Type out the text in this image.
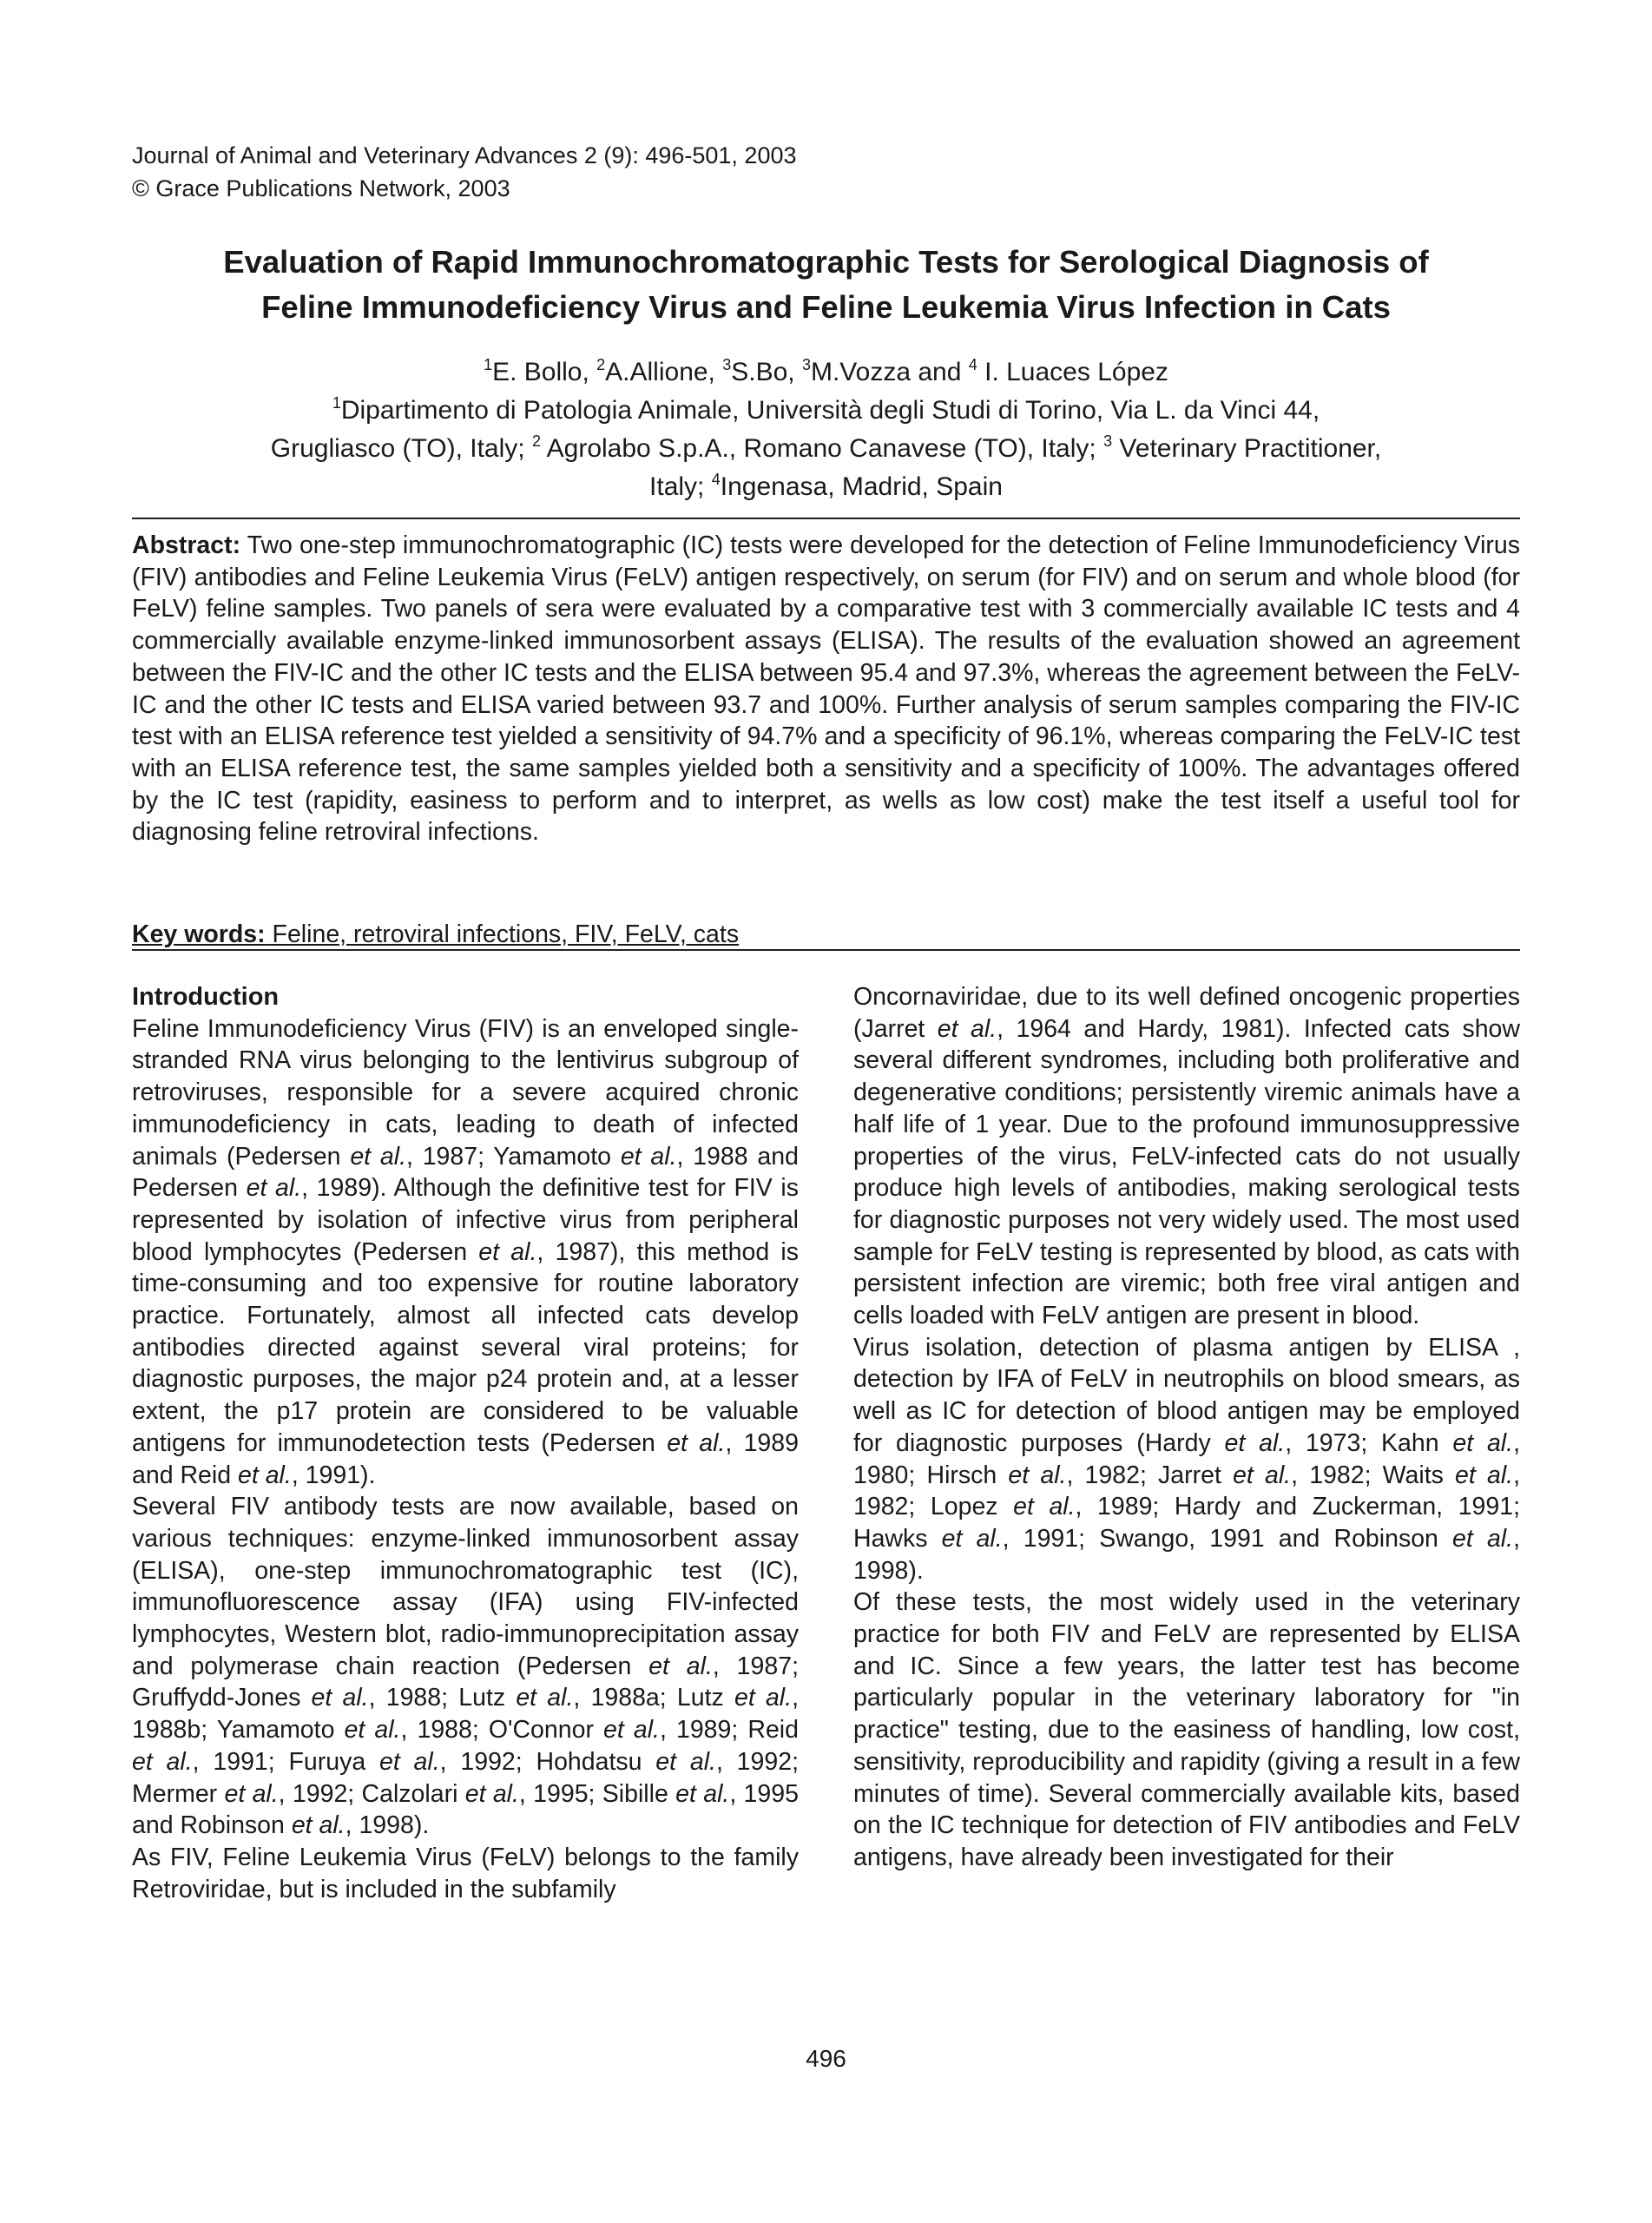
Journal of Animal and Veterinary Advances 2 (9): 496-501, 2003
© Grace Publications Network, 2003
Evaluation of Rapid Immunochromatographic Tests for Serological Diagnosis of
Feline Immunodeficiency Virus and Feline Leukemia Virus Infection in Cats
$^1$E. Bollo, $^2$A.Allione, $^3$S.Bo, $^3$M.Vozza and $^4$ I. Luaces López
$^1$Dipartimento di Patologia Animale, Università degli Studi di Torino, Via L. da Vinci 44,
Grugliasco (TO), Italy; $^2$ Agrolabo S.p.A., Romano Canavese (TO), Italy; $^3$ Veterinary Practitioner,
Italy; $^4$Ingenasa, Madrid, Spain
Abstract: Two one-step immunochromatographic (IC) tests were developed for the detection of Feline Immunodeficiency Virus (FIV) antibodies and Feline Leukemia Virus (FeLV) antigen respectively, on serum (for FIV) and on serum and whole blood (for FeLV) feline samples. Two panels of sera were evaluated by a comparative test with 3 commercially available IC tests and 4 commercially available enzyme-linked immunosorbent assays (ELISA). The results of the evaluation showed an agreement between the FIV-IC and the other IC tests and the ELISA between 95.4 and 97.3%, whereas the agreement between the FeLV-IC and the other IC tests and ELISA varied between 93.7 and 100%. Further analysis of serum samples comparing the FIV-IC test with an ELISA reference test yielded a sensitivity of 94.7% and a specificity of 96.1%, whereas comparing the FeLV-IC test with an ELISA reference test, the same samples yielded both a sensitivity and a specificity of 100%. The advantages offered by the IC test (rapidity, easiness to perform and to interpret, as wells as low cost) make the test itself a useful tool for diagnosing feline retroviral infections.
Key words: Feline, retroviral infections, FIV, FeLV, cats

Introduction

Feline Immunodeficiency Virus (FIV) is an enveloped single-stranded RNA virus belonging to the lentivirus subgroup of retroviruses, responsible for a severe acquired chronic immunodeficiency in cats, leading to death of infected animals (Pedersen et al., 1987; Yamamoto et al., 1988 and Pedersen et al., 1989). Although the definitive test for FIV is represented by isolation of infective virus from peripheral blood lymphocytes (Pedersen et al., 1987), this method is time-consuming and too expensive for routine laboratory practice. Fortunately, almost all infected cats develop antibodies directed against several viral proteins; for diagnostic purposes, the major p24 protein and, at a lesser extent, the p17 protein are considered to be valuable antigens for immunodetection tests (Pedersen et al., 1989 and Reid et al., 1991).

Several FIV antibody tests are now available, based on various techniques: enzyme-linked immunosorbent assay (ELISA), one-step immunochromatographic test (IC), immunofluorescence assay (IFA) using FIV-infected lymphocytes, Western blot, radio-immunoprecipitation assay and polymerase chain reaction (Pedersen et al., 1987; Gruffydd-Jones et al., 1988; Lutz et al., 1988a; Lutz et al., 1988b; Yamamoto et al., 1988; O'Connor et al., 1989; Reid et al., 1991; Furuya et al., 1992; Hohdatsu et al., 1992; Mermer et al., 1992; Calzolari et al., 1995; Sibille et al., 1995 and Robinson et al., 1998).

As FIV, Feline Leukemia Virus (FeLV) belongs to the family Retroviridae, but is included in the subfamily

Oncornaviridae, due to its well defined oncogenic properties (Jarret et al., 1964 and Hardy, 1981). Infected cats show several different syndromes, including both proliferative and degenerative conditions; persistently viremic animals have a half life of 1 year. Due to the profound immunosuppressive properties of the virus, FeLV-infected cats do not usually produce high levels of antibodies, making serological tests for diagnostic purposes not very widely used. The most used sample for FeLV testing is represented by blood, as cats with persistent infection are viremic; both free viral antigen and cells loaded with FeLV antigen are present in blood.

Virus isolation, detection of plasma antigen by ELISA , detection by IFA of FeLV in neutrophils on blood smears, as well as IC for detection of blood antigen may be employed for diagnostic purposes (Hardy et al., 1973; Kahn et al., 1980; Hirsch et al., 1982; Jarret et al., 1982; Waits et al., 1982; Lopez et al., 1989; Hardy and Zuckerman, 1991; Hawks et al., 1991; Swango, 1991 and Robinson et al., 1998).

Of these tests, the most widely used in the veterinary practice for both FIV and FeLV are represented by ELISA and IC. Since a few years, the latter test has become particularly popular in the veterinary laboratory for "in practice" testing, due to the easiness of handling, low cost, sensitivity, reproducibility and rapidity (giving a result in a few minutes of time). Several commercially available kits, based on the IC technique for detection of FIV antibodies and FeLV antigens, have already been investigated for their

496
